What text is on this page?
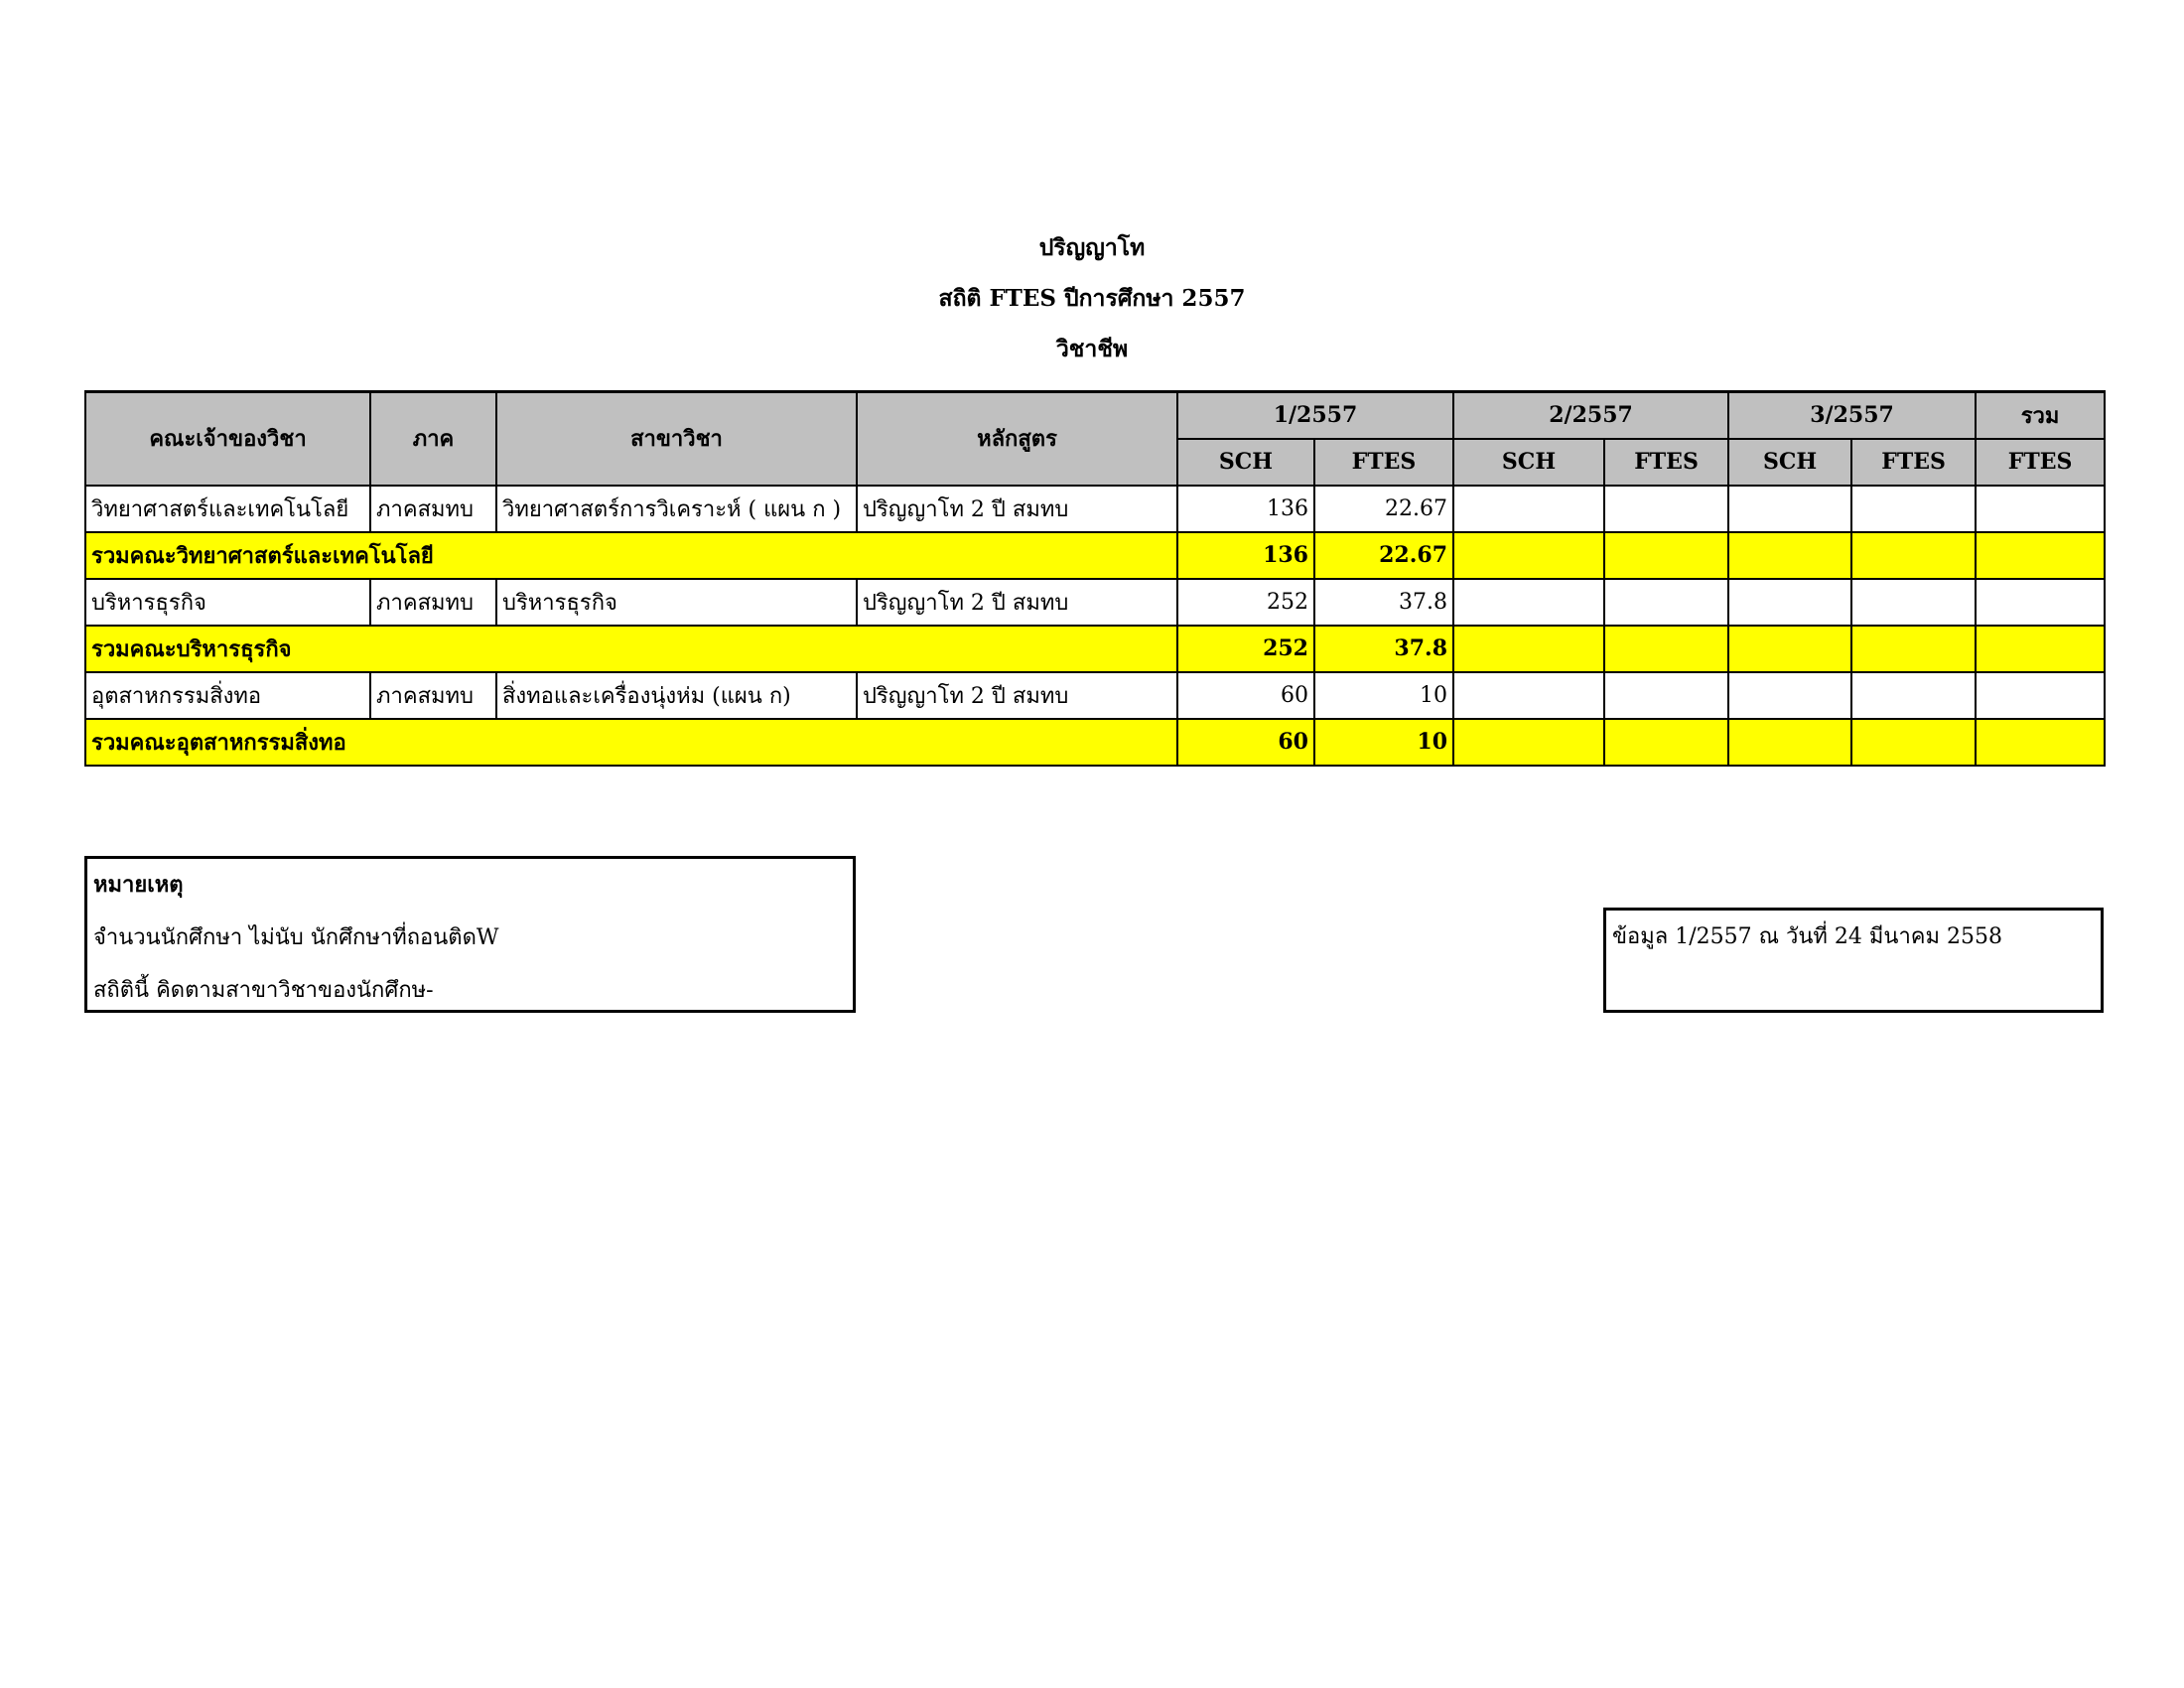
ปริญญาโท
สถิติ FTES ปีการศึกษา 2557
วิชาชีพ
คณะเจ้าของวิชา	ภาค	สาขาวิชา	หลักสูตร	1/2557		2/2557		3/2557		รวม
				SCH	FTES	SCH	FTES	SCH	FTES	FTES
วิทยาศาสตร์และเทคโนโลยี	ภาคสมทบ	วิทยาศาสตร์การวิเคราะห์ ( แผน ก )	ปริญญาโท 2 ปี สมทบ	136	22.67					
รวมคณะวิทยาศาสตร์และเทคโนโลยี				136	22.67					
บริหารธุรกิจ	ภาคสมทบ	บริหารธุรกิจ	ปริญญาโท 2 ปี สมทบ	252	37.8					
รวมคณะบริหารธุรกิจ				252	37.8					
อุตสาหกรรมสิ่งทอ	ภาคสมทบ	สิ่งทอและเครื่องนุ่งห่ม (แผน ก)	ปริญญาโท 2 ปี สมทบ	60	10					
รวมคณะอุตสาหกรรมสิ่งทอ				60	10					
หมายเหตุ
จำนวนนักศึกษา ไม่นับ นักศึกษาที่ถอนติดW
สถิตินี้ คิดตามสาขาวิชาของนักศึกษ-
ข้อมูล 1/2557 ณ วันที่ 24 มีนาคม 2558
